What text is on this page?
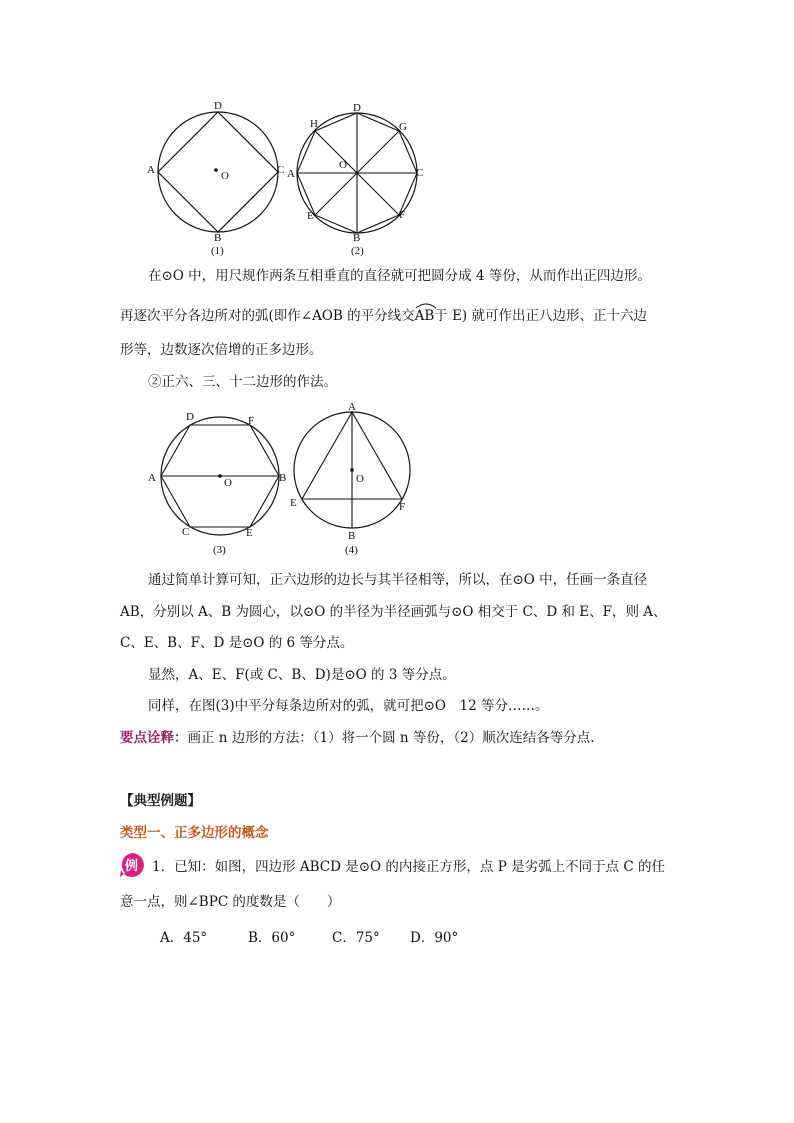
D
A	C
O
B
(1)
D
H	G
O
A	C
E	F
B
(2)
在⊙O 中，用尺规作两条互相垂直的直径就可把圆分成 4 等份，从而作出正四边形。
再逐次平分各边所对的弧(即作∠AOB 的平分线交
AB于 E) 就可作出正八边形、正十六边
形等，边数逐次倍增的正多边形。
②正六、三、十二边形的作法。
D	F
A	B
O
C	E
(3)
A
O
E	F
B
(4)
通过简单计算可知，正六边形的边长与其半径相等，所以，在⊙O 中，任画一条直径
AB，分别以 A、B 为圆心，以⊙O 的半径为半径画弧与⊙O 相交于 C、D 和 E、F，则 A、
C、E、B、F、D 是⊙O 的 6 等分点。
显然，A、E、F(或 C、B、D)是⊙O 的 3 等分点。
同样，在图(3)中平分每条边所对的弧，就可把⊙O　12 等分……。
要点诠释：画正 n 边形的方法：（1）将一个圆 n 等份，（2）顺次连结各等分点.
【典型例题】
类型一、正多边形的概念
例 1．已知：如图，四边形 ABCD 是⊙O 的内接正方形，点 P 是劣弧上不同于点 C 的任
意一点，则∠BPC 的度数是（　　）
A．45°	B．60°	C．75° D．90°
